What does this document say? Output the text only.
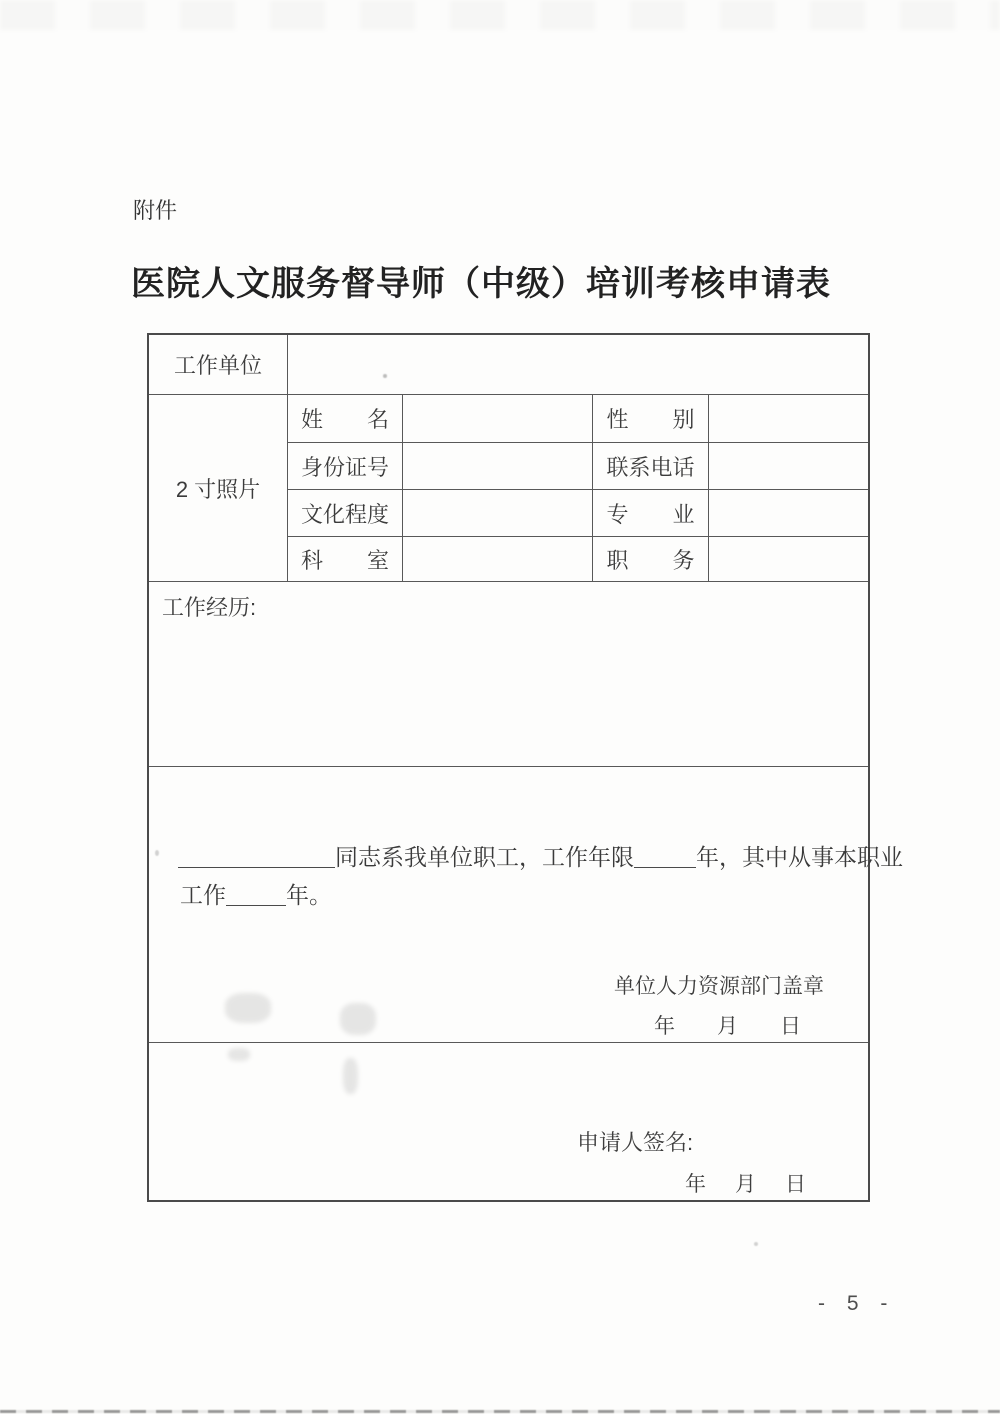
附件
医院人文服务督导师（中级）培训考核申请表
工作单位
2 寸照片
姓　　名	性　　别
身份证号	联系电话
文化程度	专　　业
科　　室	职　　务
工作经历:
同志系我单位职工，工作年限	年，其中从事本职业
工作	年。
单位人力资源部门盖章
年　　月　　日
申请人签名:
年　月　日
- 5 -
